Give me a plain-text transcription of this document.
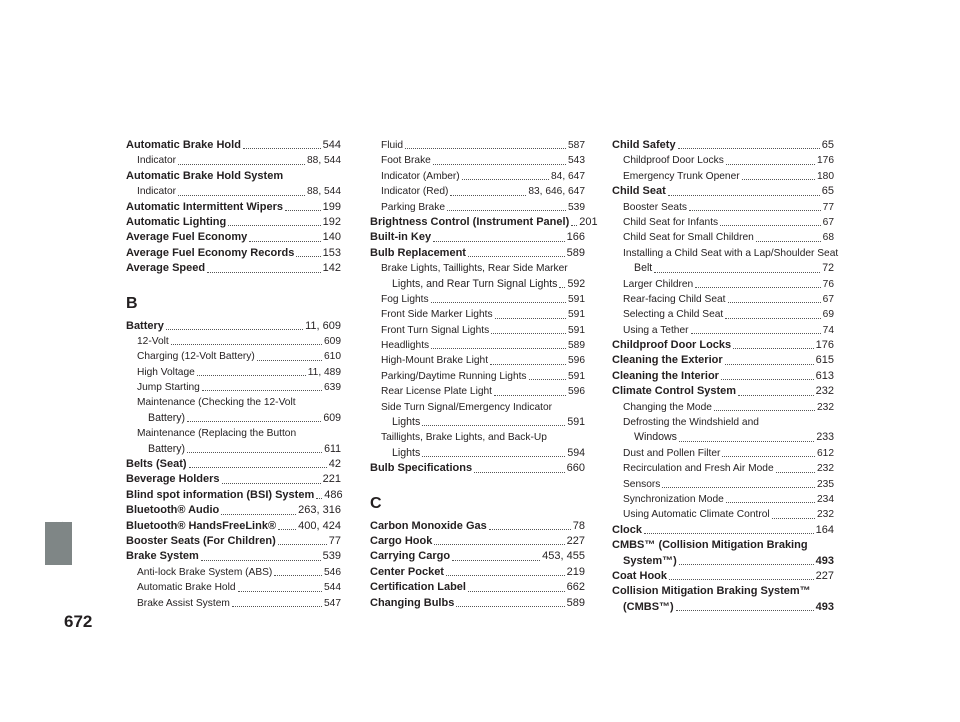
672
Automatic Brake Hold	544
Indicator	88, 544
Automatic Brake Hold System
Indicator	88, 544
Automatic Intermittent Wipers	199
Automatic Lighting	192
Average Fuel Economy	140
Average Fuel Economy Records	153
Average Speed	142
B
Battery	11, 609
12-Volt	609
Charging (12-Volt Battery)	610
High Voltage	11, 489
Jump Starting	639
Maintenance (Checking the 12-Volt
Battery)	609
Maintenance (Replacing the Button
Battery)	611
Belts (Seat)	42
Beverage Holders	221
Blind spot information (BSI) System 486
Bluetooth® Audio	263, 316
Bluetooth® HandsFreeLink® 400, 424
Booster Seats (For Children)	77
Brake System	539
Anti-lock Brake System (ABS)	546
Automatic Brake Hold	544
Brake Assist System	547
Fluid	587
Foot Brake	543
Indicator (Amber)	84, 647
Indicator (Red)	83, 646, 647
Parking Brake	539
Brightness Control (Instrument Panel) 201
Built-in Key	166
Bulb Replacement	589
Brake Lights, Taillights, Rear Side Marker
Lights, and Rear Turn Signal Lights 592
Fog Lights	591
Front Side Marker Lights	591
Front Turn Signal Lights	591
Headlights	589
High-Mount Brake Light	596
Parking/Daytime Running Lights	591
Rear License Plate Light	596
Side Turn Signal/Emergency Indicator
Lights	591
Taillights, Brake Lights, and Back-Up
Lights	594
Bulb Specifications	660
C
Carbon Monoxide Gas	78
Cargo Hook	227
Carrying Cargo	453, 455
Center Pocket	219
Certification Label	662
Changing Bulbs	589
Child Safety	65
Childproof Door Locks	176
Emergency Trunk Opener	180
Child Seat	65
Booster Seats	77
Child Seat for Infants	67
Child Seat for Small Children	68
Installing a Child Seat with a Lap/Shoulder Seat
Belt	72
Larger Children	76
Rear-facing Child Seat	67
Selecting a Child Seat	69
Using a Tether	74
Childproof Door Locks	176
Cleaning the Exterior	615
Cleaning the Interior	613
Climate Control System	232
Changing the Mode	232
Defrosting the Windshield and
Windows	233
Dust and Pollen Filter	612
Recirculation and Fresh Air Mode	232
Sensors	235
Synchronization Mode	234
Using Automatic Climate Control	232
Clock	164
CMBS™ (Collision Mitigation Braking
System™)	493
Coat Hook	227
Collision Mitigation Braking System™
(CMBS™)	493
